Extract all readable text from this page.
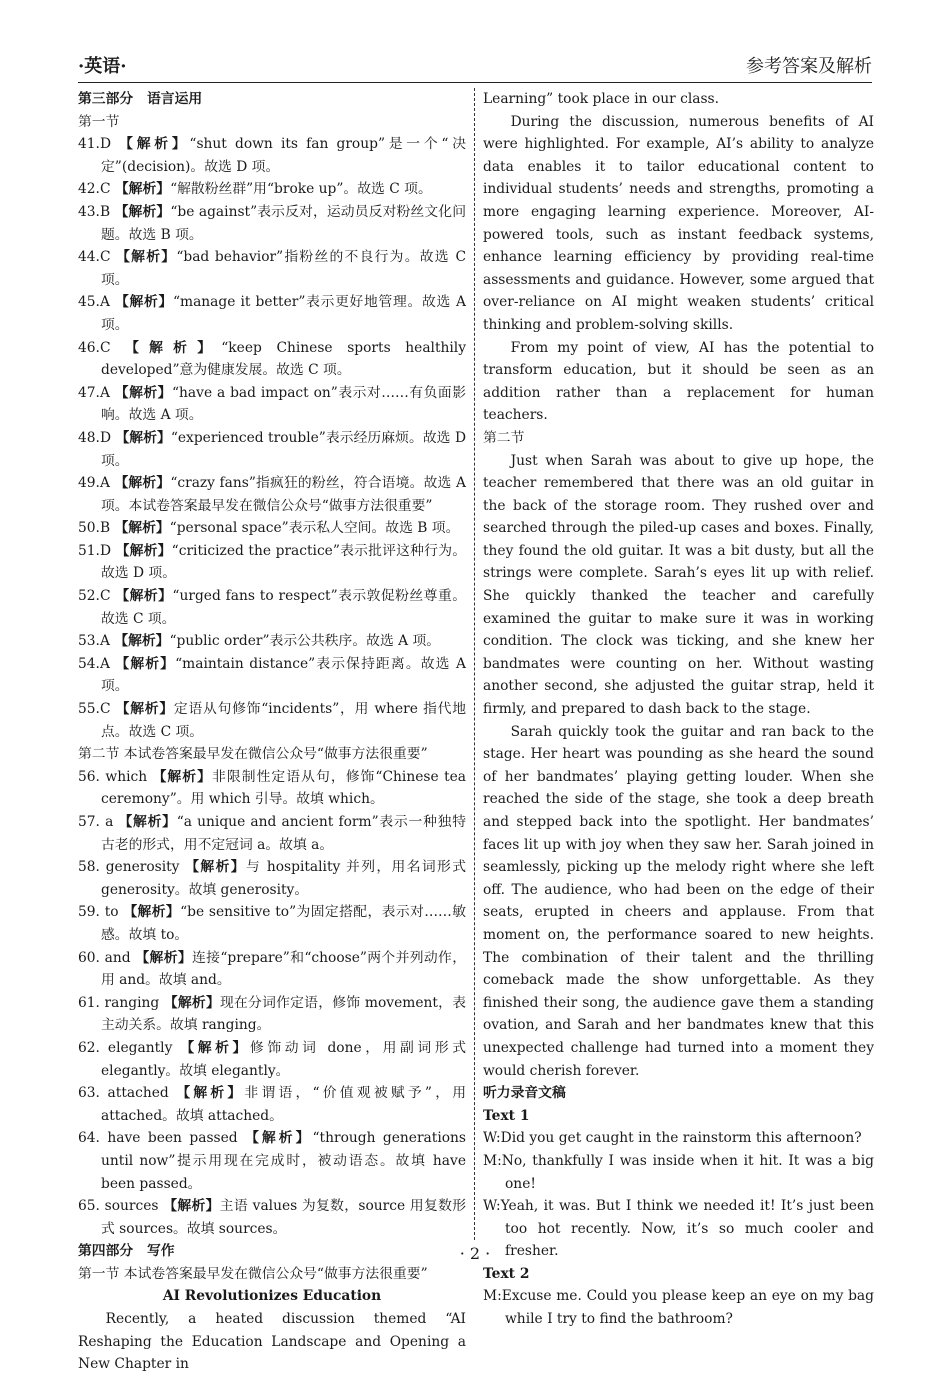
·英语·	参考答案及解析

第三部分　语言运用

第一节

41.D 【解析】“shut down its fan group”是一个“决定”(decision)。故选 D 项。

42.C 【解析】“解散粉丝群”用“broke up”。故选 C 项。

43.B 【解析】“be against”表示反对，运动员反对粉丝文化问题。故选 B 项。

44.C 【解析】“bad behavior”指粉丝的不良行为。故选 C 项。

45.A 【解析】“manage it better”表示更好地管理。故选 A 项。

46.C 【解析】“keep Chinese sports healthily developed”意为健康发展。故选 C 项。

47.A 【解析】“have a bad impact on”表示对……有负面影响。故选 A 项。

48.D 【解析】“experienced trouble”表示经历麻烦。故选 D 项。

49.A 【解析】“crazy fans”指疯狂的粉丝，符合语境。故选 A 项。本试卷答案最早发在微信公众号“做事方法很重要”

50.B 【解析】“personal space”表示私人空间。故选 B 项。

51.D 【解析】“criticized the practice”表示批评这种行为。故选 D 项。

52.C 【解析】“urged fans to respect”表示敦促粉丝尊重。故选 C 项。

53.A 【解析】“public order”表示公共秩序。故选 A 项。

54.A 【解析】“maintain distance”表示保持距离。故选 A 项。

55.C 【解析】定语从句修饰“incidents”，用 where 指代地点。故选 C 项。

第二节 本试卷答案最早发在微信公众号“做事方法很重要”

56. which 【解析】非限制性定语从句，修饰“Chinese tea ceremony”。用 which 引导。故填 which。

57. a 【解析】“a unique and ancient form”表示一种独特古老的形式，用不定冠词 a。故填 a。

58. generosity 【解析】与 hospitality 并列，用名词形式 generosity。故填 generosity。

59. to 【解析】“be sensitive to”为固定搭配，表示对……敏感。故填 to。

60. and 【解析】连接“prepare”和“choose”两个并列动作，用 and。故填 and。

61. ranging 【解析】现在分词作定语，修饰 movement，表主动关系。故填 ranging。

62. elegantly 【解析】修饰动词 done，用副词形式 elegantly。故填 elegantly。

63. attached 【解析】非谓语，“价值观被赋予”，用 attached。故填 attached。

64. have been passed 【解析】“through generations until now”提示用现在完成时，被动语态。故填 have been passed。

65. sources 【解析】主语 values 为复数，source 用复数形式 sources。故填 sources。

第四部分　写作

第一节 本试卷答案最早发在微信公众号“做事方法很重要”

AI Revolutionizes Education

Recently, a heated discussion themed “AI Reshaping the Education Landscape and Opening a New Chapter in

Learning” took place in our class.

During the discussion, numerous benefits of AI were highlighted. For example, AI’s ability to analyze data enables it to tailor educational content to individual students’ needs and strengths, promoting a more engaging learning experience. Moreover, AI-powered tools, such as instant feedback systems, enhance learning efficiency by providing real-time assessments and guidance. However, some argued that over-reliance on AI might weaken students’ critical thinking and problem-solving skills.

From my point of view, AI has the potential to transform education, but it should be seen as an addition rather than a replacement for human teachers.

第二节

Just when Sarah was about to give up hope, the teacher remembered that there was an old guitar in the back of the storage room. They rushed over and searched through the piled-up cases and boxes. Finally, they found the old guitar. It was a bit dusty, but all the strings were complete. Sarah’s eyes lit up with relief. She quickly thanked the teacher and carefully examined the guitar to make sure it was in working condition. The clock was ticking, and she knew her bandmates were counting on her. Without wasting another second, she adjusted the guitar strap, held it firmly, and prepared to dash back to the stage.

Sarah quickly took the guitar and ran back to the stage. Her heart was pounding as she heard the sound of her bandmates’ playing getting louder. When she reached the side of the stage, she took a deep breath and stepped back into the spotlight. Her bandmates’ faces lit up with joy when they saw her. Sarah joined in seamlessly, picking up the melody right where she left off. The audience, who had been on the edge of their seats, erupted in cheers and applause. From that moment on, the performance soared to new heights. The combination of their talent and the thrilling comeback made the show unforgettable. As they finished their song, the audience gave them a standing ovation, and Sarah and her bandmates knew that this unexpected challenge had turned into a moment they would cherish forever.

听力录音文稿

Text 1

W:Did you get caught in the rainstorm this afternoon?

M:No, thankfully I was inside when it hit. It was a big one!

W:Yeah, it was. But I think we needed it! It’s just been too hot recently. Now, it’s so much cooler and fresher.

Text 2

M:Excuse me. Could you please keep an eye on my bag while I try to find the bathroom?

· 2 ·
